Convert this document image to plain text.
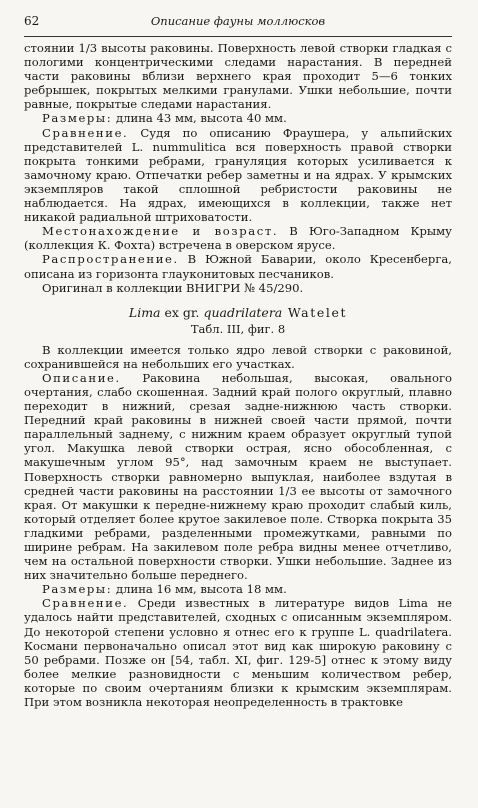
62	Описание фауны моллюсков

стоянии 1/3 высоты раковины. Поверхность левой створки гладкая с пологими концентрическими следами нарастания. В передней части раковины вблизи верхнего края проходит 5—6 тонких ребрышек, покрытых мелкими гранулами. Ушки небольшие, почти равные, покрытые следами нарастания.

Размеры: длина 43 мм, высота 40 мм.

Сравнение. Судя по описанию Фраушера, у альпийских представителей L. nummulitica вся поверхность правой створки покрыта тонкими ребрами, грануляция которых усиливается к замочному краю. Отпечатки ребер заметны и на ядрах. У крымских экземпляров такой сплошной ребристости раковины не наблюдается. На ядрах, имеющихся в коллекции, также нет никакой радиальной штриховатости.

Местонахождение и возраст. В Юго-Западном Крыму (коллекция К. Фохта) встречена в оверском ярусе.

Распространение. В Южной Баварии, около Кресенберга, описана из горизонта глауконитовых песчаников.

Оригинал в коллекции ВНИГРИ № 45/290.

Lima ex gr. quadrilatera Watelet
Табл. III, фиг. 8

В коллекции имеется только ядро левой створки с раковиной, сохранившейся на небольших его участках.

Описание. Раковина небольшая, высокая, овального очертания, слабо скошенная. Задний край полого округлый, плавно переходит в нижний, срезая задне-нижнюю часть створки. Передний край раковины в нижней своей части прямой, почти параллельный заднему, с нижним краем образует округлый тупой угол. Макушка левой створки острая, ясно обособленная, с макушечным углом 95°, над замочным краем не выступает. Поверхность створки равномерно выпуклая, наиболее вздутая в средней части раковины на расстоянии 1/3 ее высоты от замочного края. От макушки к передне-нижнему краю проходит слабый киль, который отделяет более крутое закилевое поле. Створка покрыта 35 гладкими ребрами, разделенными промежутками, равными по ширине ребрам. На закилевом поле ребра видны менее отчетливо, чем на остальной поверхности створки. Ушки небольшие. Заднее из них значительно больше переднего.

Размеры: длина 16 мм, высота 18 мм.

Сравнение. Среди известных в литературе видов Lima не удалось найти представителей, сходных с описанным экземпляром. До некоторой степени условно я отнес его к группе L. quadrilatera. Космани первоначально описал этот вид как широкую раковину с 50 ребрами. Позже он [54, табл. XI, фиг. 129-5] отнес к этому виду более мелкие разновидности с меньшим количеством ребер, которые по своим очертаниям близки к крымским экземплярам. При этом возникла некоторая неопределенность в трактовке
